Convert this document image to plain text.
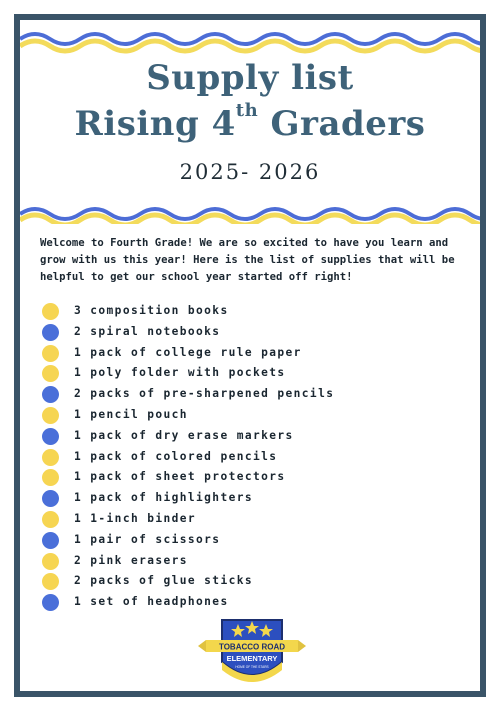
Supply list
Rising 4th Graders
2025- 2026

Welcome to Fourth Grade! We are so excited to have you learn and grow with us this year! Here is the list of supplies that will be helpful to get our school year started off right!

3 composition books
2 spiral notebooks
1 pack of college rule paper
1 poly folder with pockets
2 packs of pre-sharpened pencils
1 pencil pouch
1 pack of dry erase markers
1 pack of colored pencils
1 pack of sheet protectors
1 pack of highlighters
1 1-inch binder
1 pair of scissors
2 pink erasers
2 packs of glue sticks
1 set of headphones
TOBACCO ROAD
ELEMENTARY
HOME OF THE STARS
